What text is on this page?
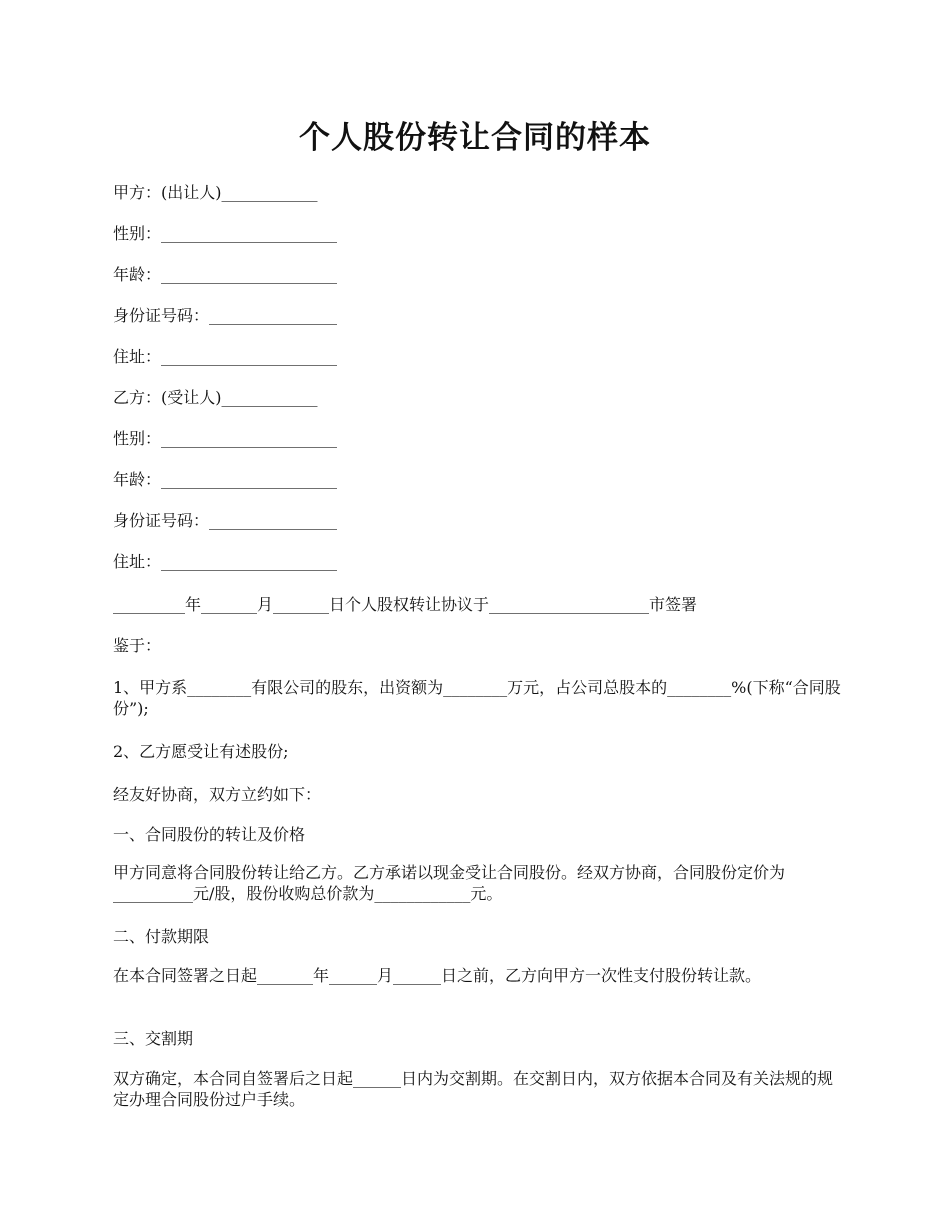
个人股份转让合同的样本
甲方：(出让人)____________
性别：______________________
年龄：______________________
身份证号码：________________
住址：______________________
乙方：(受让人)____________
性别：______________________
年龄：______________________
身份证号码：________________
住址：______________________
_________年_______月_______日个人股权转让协议于____________________市签署
鉴于：
1、甲方系________有限公司的股东，出资额为________万元，占公司总股本的________%(下称“合同股份”);
2、乙方愿受让有述股份;
经友好协商，双方立约如下：
一、合同股份的转让及价格
甲方同意将合同股份转让给乙方。乙方承诺以现金受让合同股份。经双方协商，合同股份定价为__________元/股，股份收购总价款为____________元。
二、付款期限
在本合同签署之日起_______年______月______日之前，乙方向甲方一次性支付股份转让款。
三、交割期
双方确定，本合同自签署后之日起______日内为交割期。在交割日内，双方依据本合同及有关法规的规定办理合同股份过户手续。
